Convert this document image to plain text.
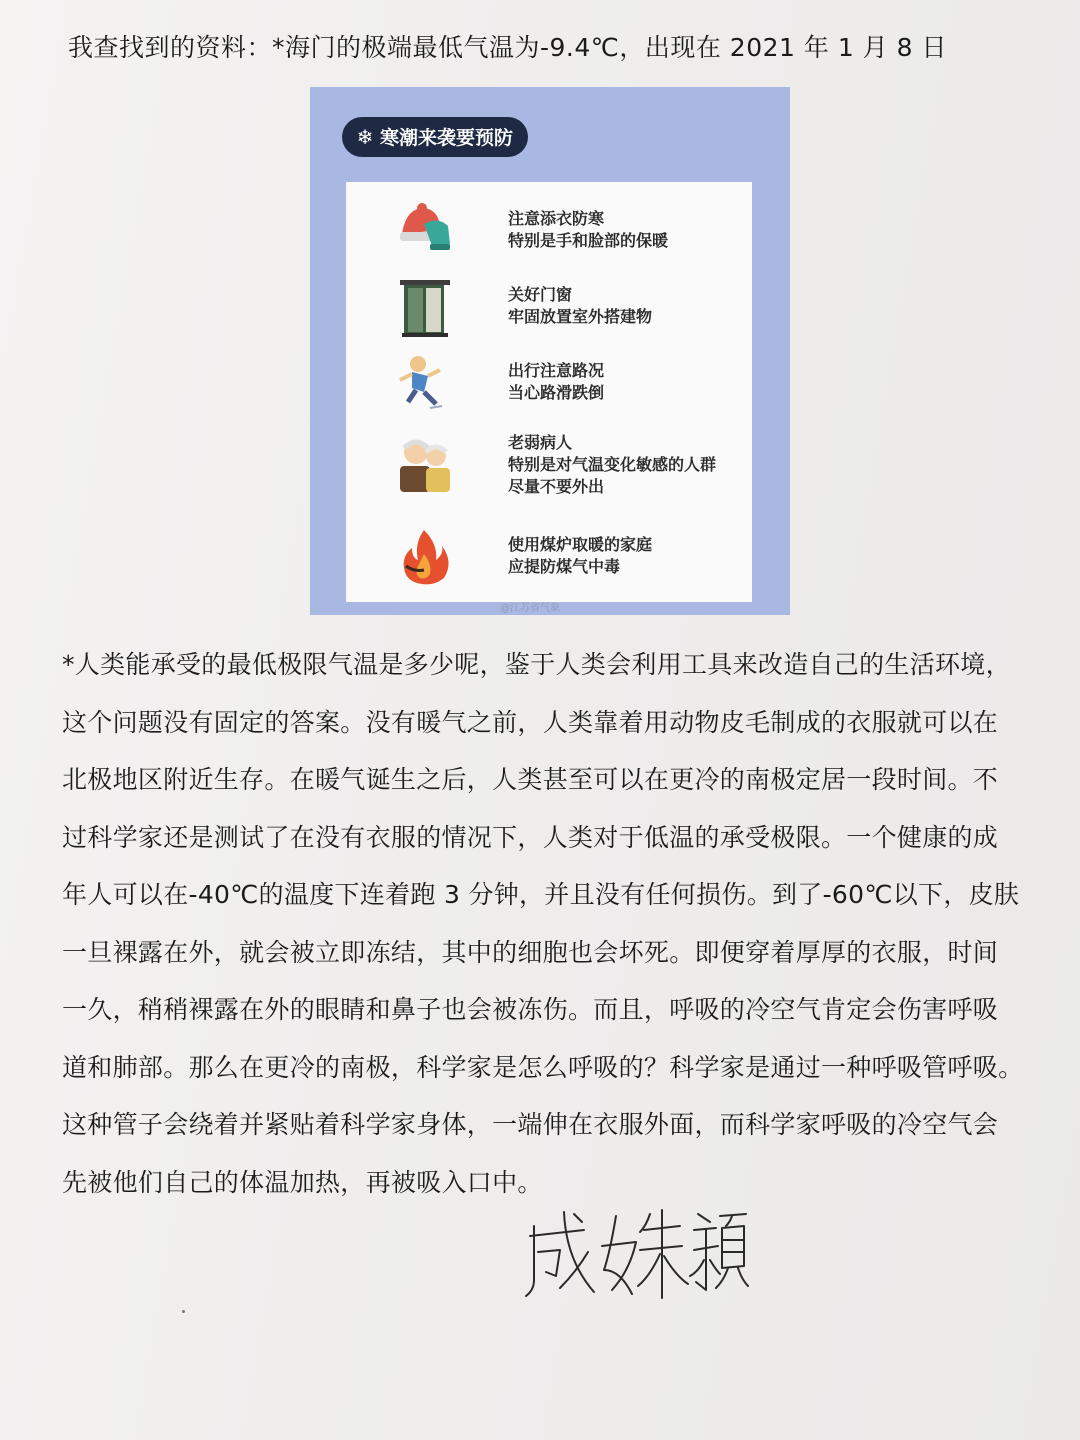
我查找到的资料：*海门的极端最低气温为-9.4℃，出现在 2021 年 1 月 8 日
❄ 寒潮来袭要预防
注意添衣防寒
特别是手和脸部的保暖
关好门窗
牢固放置室外搭建物
出行注意路况
当心路滑跌倒
老弱病人
特别是对气温变化敏感的人群
尽量不要外出
使用煤炉取暖的家庭
应提防煤气中毒
@江苏省气象
*人类能承受的最低极限气温是多少呢，鉴于人类会利用工具来改造自己的生活环境，
这个问题没有固定的答案。没有暖气之前，人类靠着用动物皮毛制成的衣服就可以在
北极地区附近生存。在暖气诞生之后，人类甚至可以在更冷的南极定居一段时间。不
过科学家还是测试了在没有衣服的情况下，人类对于低温的承受极限。一个健康的成
年人可以在-40℃的温度下连着跑 3 分钟，并且没有任何损伤。到了-60℃以下，皮肤
一旦裸露在外，就会被立即冻结，其中的细胞也会坏死。即便穿着厚厚的衣服，时间
一久，稍稍裸露在外的眼睛和鼻子也会被冻伤。而且，呼吸的冷空气肯定会伤害呼吸
道和肺部。那么在更冷的南极，科学家是怎么呼吸的？科学家是通过一种呼吸管呼吸。
这种管子会绕着并紧贴着科学家身体，一端伸在衣服外面，而科学家呼吸的冷空气会
先被他们自己的体温加热，再被吸入口中。
